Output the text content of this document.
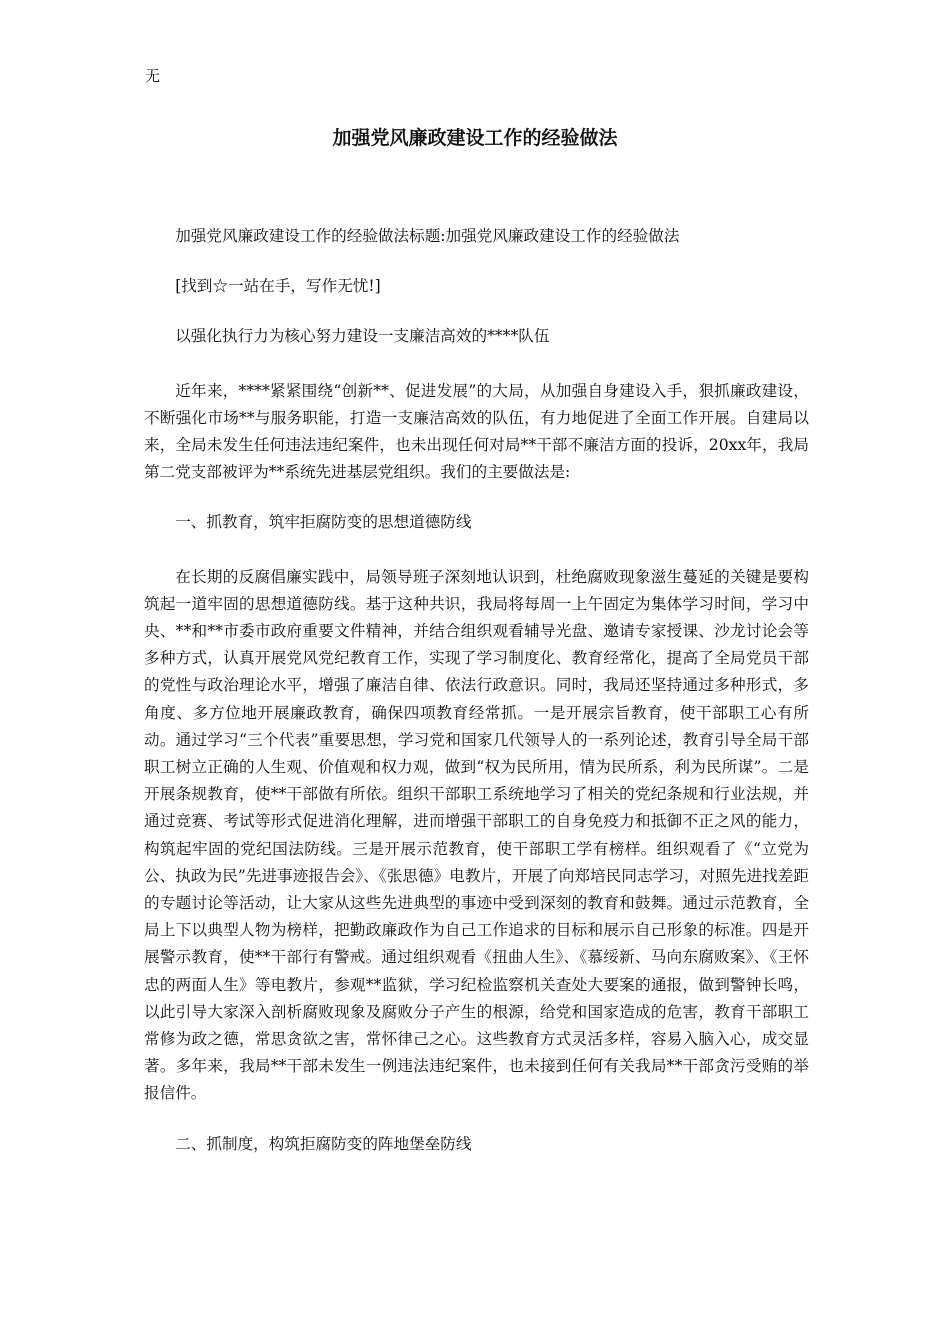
无
加强党风廉政建设工作的经验做法

加强党风廉政建设工作的经验做法标题:加强党风廉政建设工作的经验做法

[找到☆一站在手，写作无忧!]

以强化执行力为核心努力建设一支廉洁高效的****队伍

近年来，****紧紧围绕“创新**、促进发展”的大局，从加强自身建设入手，狠抓廉政建设，不断强化市场**与服务职能，打造一支廉洁高效的队伍，有力地促进了全面工作开展。自建局以来，全局未发生任何违法违纪案件，也未出现任何对局**干部不廉洁方面的投诉，20xx年，我局第二党支部被评为**系统先进基层党组织。我们的主要做法是:

一、抓教育，筑牢拒腐防变的思想道德防线

在长期的反腐倡廉实践中，局领导班子深刻地认识到，杜绝腐败现象滋生蔓延的关键是要构筑起一道牢固的思想道德防线。基于这种共识，我局将每周一上午固定为集体学习时间，学习中央、**和**市委市政府重要文件精神，并结合组织观看辅导光盘、邀请专家授课、沙龙讨论会等多种方式，认真开展党风党纪教育工作，实现了学习制度化、教育经常化，提高了全局党员干部的党性与政治理论水平，增强了廉洁自律、依法行政意识。同时，我局还坚持通过多种形式，多角度、多方位地开展廉政教育，确保四项教育经常抓。一是开展宗旨教育，使干部职工心有所动。通过学习“三个代表”重要思想，学习党和国家几代领导人的一系列论述，教育引导全局干部职工树立正确的人生观、价值观和权力观，做到“权为民所用，情为民所系，利为民所谋”。二是开展条规教育，使**干部做有所依。组织干部职工系统地学习了相关的党纪条规和行业法规，并通过竞赛、考试等形式促进消化理解，进而增强干部职工的自身免疫力和抵御不正之风的能力，构筑起牢固的党纪国法防线。三是开展示范教育，使干部职工学有榜样。组织观看了《“立党为公、执政为民”先进事迹报告会》、《张思德》电教片，开展了向郑培民同志学习，对照先进找差距的专题讨论等活动，让大家从这些先进典型的事迹中受到深刻的教育和鼓舞。通过示范教育，全局上下以典型人物为榜样，把勤政廉政作为自己工作追求的目标和展示自己形象的标准。四是开展警示教育，使**干部行有警戒。通过组织观看《扭曲人生》、《慕绥新、马向东腐败案》、《王怀忠的两面人生》等电教片，参观**监狱，学习纪检监察机关查处大要案的通报，做到警钟长鸣，以此引导大家深入剖析腐败现象及腐败分子产生的根源，给党和国家造成的危害，教育干部职工常修为政之德，常思贪欲之害，常怀律己之心。这些教育方式灵活多样，容易入脑入心，成交显著。多年来，我局**干部未发生一例违法违纪案件，也未接到任何有关我局**干部贪污受贿的举报信件。

二、抓制度，构筑拒腐防变的阵地堡垒防线
